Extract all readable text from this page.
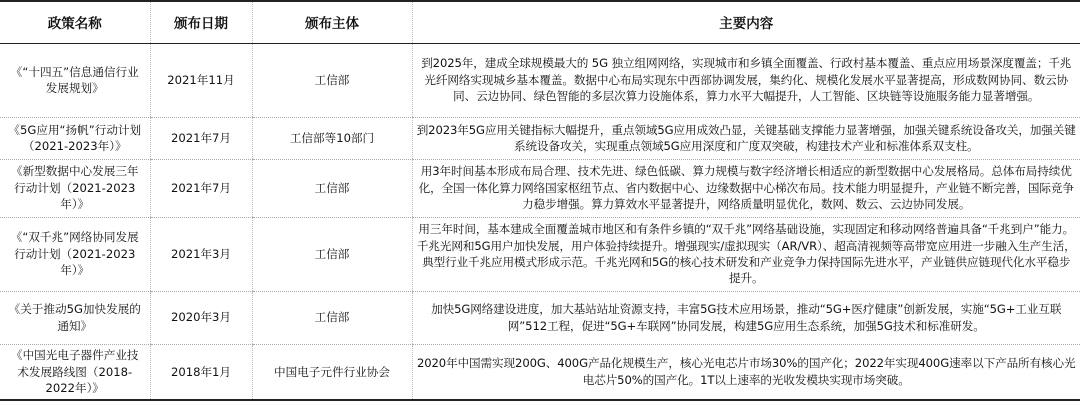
政策名称	颁布日期	颁布主体	主要内容
《“十四五”信息通信行业发展规划》	2021年11月	工信部	到2025年，建成全球规模最大的 5G 独立组网网络，实现城市和乡镇全面覆盖、行政村基本覆盖、重点应用场景深度覆盖；千兆光纤网络实现城乡基本覆盖。数据中心布局实现东中西部协调发展，集约化、规模化发展水平显著提高，形成数网协同、数云协同、云边协同、绿色智能的多层次算力设施体系，算力水平大幅提升，人工智能、区块链等设施服务能力显著增强。
《5G应用“扬帆”行动计划（2021-2023年）》	2021年7月	工信部等10部门	到2023年5G应用关键指标大幅提升，重点领域5G应用成效凸显，关键基础支撑能力显著增强，加强关键系统设备攻关，加强关键系统设备攻关，实现重点领域5G应用深度和广度双突破，构建技术产业和标准体系双支柱。
《新型数据中心发展三年行动计划（2021-2023年）》	2021年7月	工信部	用3年时间基本形成布局合理、技术先进、绿色低碳、算力规模与数字经济增长相适应的新型数据中心发展格局。总体布局持续优化，全国一体化算力网络国家枢纽节点、省内数据中心、边缘数据中心梯次布局。技术能力明显提升，产业链不断完善，国际竞争力稳步增强。算力算效水平显著提升，网络质量明显优化，数网、数云、云边协同发展。
《“双千兆”网络协同发展行动计划（2021-2023年）》	2021年3月	工信部	用三年时间，基本建成全面覆盖城市地区和有条件乡镇的“双千兆”网络基础设施，实现固定和移动网络普遍具备“千兆到户”能力。千兆光网和5G用户加快发展，用户体验持续提升。增强现实/虚拟现实（AR/VR）、超高清视频等高带宽应用进一步融入生产生活，典型行业千兆应用模式形成示范。千兆光网和5G的核心技术研发和产业竞争力保持国际先进水平，产业链供应链现代化水平稳步提升。
《关于推动5G加快发展的通知》	2020年3月	工信部	加快5G网络建设进度，加大基站站址资源支持，丰富5G技术应用场景，推动“5G+医疗健康”创新发展，实施“5G+工业互联网”512工程，促进“5G+车联网”协同发展，构建5G应用生态系统，加强5G技术和标准研发。
《中国光电子器件产业技术发展路线图（2018-2022年）》	2018年1月	中国电子元件行业协会	2020年中国需实现200G、400G产品化规模生产，核心光电芯片市场30%的国产化；2022年实现400G速率以下产品所有核心光电芯片50%的国产化。1T以上速率的光收发模块实现市场突破。
